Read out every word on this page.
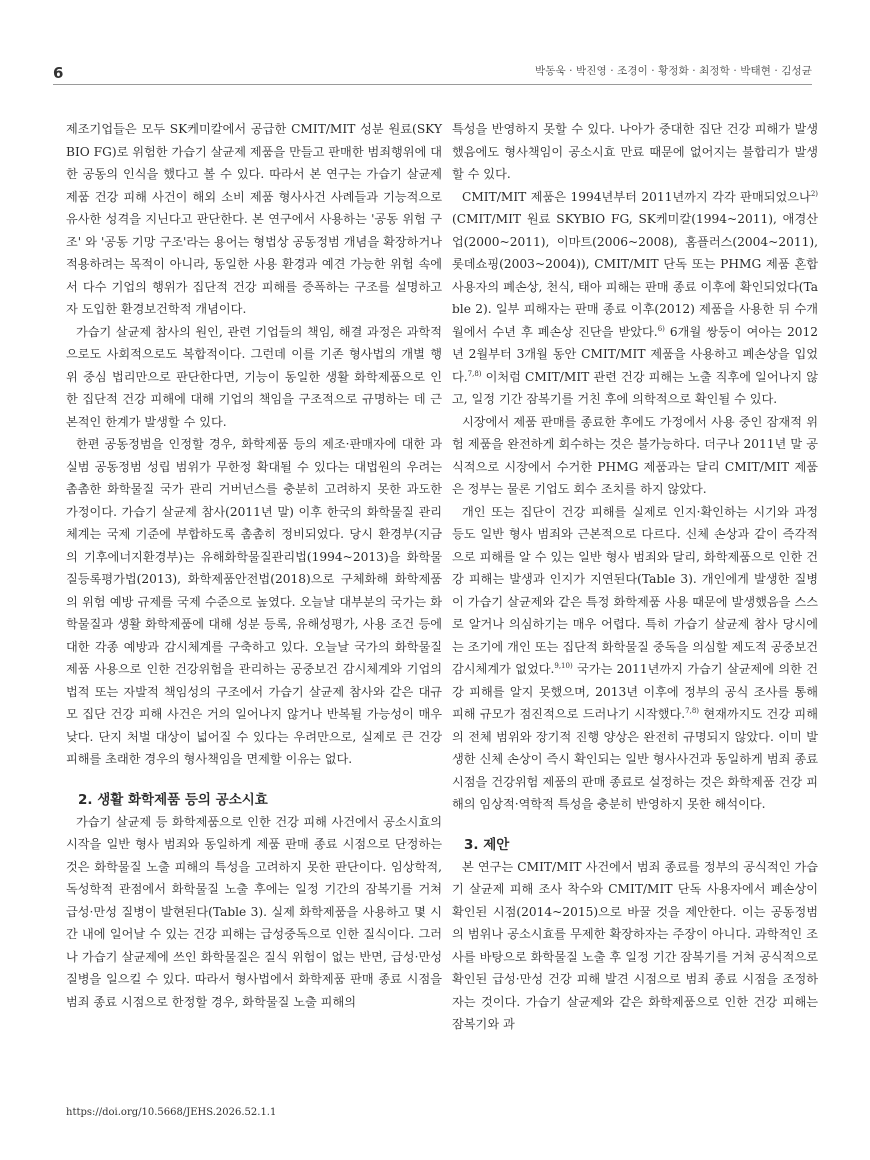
6	박동욱 · 박진영 · 조경이 · 황정화 · 최정학 · 박태현 · 김성균

제조기업들은 모두 SK케미칼에서 공급한 CMIT/MIT 성분 원료(SKYBIO FG)로 위험한 가습기 살균제 제품을 만들고 판매한 범죄행위에 대한 공동의 인식을 했다고 볼 수 있다. 따라서 본 연구는 가습기 살균제 제품 건강 피해 사건이 해외 소비 제품 형사사건 사례들과 기능적으로 유사한 성격을 지닌다고 판단한다. 본 연구에서 사용하는 '공동 위험 구조' 와 '공동 기망 구조'라는 용어는 형법상 공동정범 개념을 확장하거나 적용하려는 목적이 아니라, 동일한 사용 환경과 예견 가능한 위험 속에서 다수 기업의 행위가 집단적 건강 피해를 증폭하는 구조를 설명하고자 도입한 환경보건학적 개념이다.

가습기 살균제 참사의 원인, 관련 기업들의 책임, 해결 과정은 과학적으로도 사회적으로도 복합적이다. 그런데 이를 기존 형사법의 개별 행위 중심 법리만으로 판단한다면, 기능이 동일한 생활 화학제품으로 인한 집단적 건강 피해에 대해 기업의 책임을 구조적으로 규명하는 데 근본적인 한계가 발생할 수 있다.

한편 공동정범을 인정할 경우, 화학제품 등의 제조·판매자에 대한 과실범 공동정범 성립 범위가 무한정 확대될 수 있다는 대법원의 우려는 촘촘한 화학물질 국가 관리 거버넌스를 충분히 고려하지 못한 과도한 가정이다. 가습기 살균제 참사(2011년 말) 이후 한국의 화학물질 관리 체계는 국제 기준에 부합하도록 촘촘히 정비되었다. 당시 환경부(지금의 기후에너지환경부)는 유해화학물질관리법(1994~2013)을 화학물질등록평가법(2013), 화학제품안전법(2018)으로 구체화해 화학제품의 위험 예방 규제를 국제 수준으로 높였다. 오늘날 대부분의 국가는 화학물질과 생활 화학제품에 대해 성분 등록, 유해성평가, 사용 조건 등에 대한 각종 예방과 감시체계를 구축하고 있다. 오늘날 국가의 화학물질 제품 사용으로 인한 건강위험을 관리하는 공중보건 감시체계와 기업의 법적 또는 자발적 책임성의 구조에서 가습기 살균제 참사와 같은 대규모 집단 건강 피해 사건은 거의 일어나지 않거나 반복될 가능성이 매우 낮다. 단지 처벌 대상이 넓어질 수 있다는 우려만으로, 실제로 큰 건강 피해를 초래한 경우의 형사책임을 면제할 이유는 없다.

2. 생활 화학제품 등의 공소시효

가습기 살균제 등 화학제품으로 인한 건강 피해 사건에서 공소시효의 시작을 일반 형사 범죄와 동일하게 제품 판매 종료 시점으로 단정하는 것은 화학물질 노출 피해의 특성을 고려하지 못한 판단이다. 임상학적, 독성학적 관점에서 화학물질 노출 후에는 일정 기간의 잠복기를 거쳐 급성·만성 질병이 발현된다(Table 3). 실제 화학제품을 사용하고 몇 시간 내에 일어날 수 있는 건강 피해는 급성중독으로 인한 질식이다. 그러나 가습기 살균제에 쓰인 화학물질은 질식 위험이 없는 반면, 급성·만성 질병을 일으킬 수 있다. 따라서 형사법에서 화학제품 판매 종료 시점을 범죄 종료 시점으로 한정할 경우, 화학물질 노출 피해의

특성을 반영하지 못할 수 있다. 나아가 중대한 집단 건강 피해가 발생했음에도 형사책임이 공소시효 만료 때문에 없어지는 불합리가 발생할 수 있다.

CMIT/MIT 제품은 1994년부터 2011년까지 각각 판매되었으나$^{2)}$ (CMIT/MIT 원료 SKYBIO FG, SK케미칼(1994~2011), 애경산업(2000~2011), 이마트(2006~2008), 홈플러스(2004~2011), 롯데쇼핑(2003~2004)), CMIT/MIT 단독 또는 PHMG 제품 혼합 사용자의 폐손상, 천식, 태아 피해는 판매 종료 이후에 확인되었다(Table 2). 일부 피해자는 판매 종료 이후(2012) 제품을 사용한 뒤 수개월에서 수년 후 폐손상 진단을 받았다.$^{6)}$ 6개월 쌍둥이 여아는 2012년 2월부터 3개월 동안 CMIT/MIT 제품을 사용하고 폐손상을 입었다.$^{7,8)}$ 이처럼 CMIT/MIT 관련 건강 피해는 노출 직후에 일어나지 않고, 일정 기간 잠복기를 거친 후에 의학적으로 확인될 수 있다.

시장에서 제품 판매를 종료한 후에도 가정에서 사용 중인 잠재적 위험 제품을 완전하게 회수하는 것은 불가능하다. 더구나 2011년 말 공식적으로 시장에서 수거한 PHMG 제품과는 달리 CMIT/MIT 제품은 정부는 물론 기업도 회수 조치를 하지 않았다.

개인 또는 집단이 건강 피해를 실제로 인지·확인하는 시기와 과정 등도 일반 형사 범죄와 근본적으로 다르다. 신체 손상과 같이 즉각적으로 피해를 알 수 있는 일반 형사 범죄와 달리, 화학제품으로 인한 건강 피해는 발생과 인지가 지연된다(Table 3). 개인에게 발생한 질병이 가습기 살균제와 같은 특정 화학제품 사용 때문에 발생했음을 스스로 알거나 의심하기는 매우 어렵다. 특히 가습기 살균제 참사 당시에는 조기에 개인 또는 집단적 화학물질 중독을 의심할 제도적 공중보건 감시체계가 없었다.$^{9,10)}$ 국가는 2011년까지 가습기 살균제에 의한 건강 피해를 알지 못했으며, 2013년 이후에 정부의 공식 조사를 통해 피해 규모가 점진적으로 드러나기 시작했다.$^{7,8)}$ 현재까지도 건강 피해의 전체 범위와 장기적 진행 양상은 완전히 규명되지 않았다. 이미 발생한 신체 손상이 즉시 확인되는 일반 형사사건과 동일하게 범죄 종료 시점을 건강위험 제품의 판매 종료로 설정하는 것은 화학제품 건강 피해의 임상적·역학적 특성을 충분히 반영하지 못한 해석이다.

3. 제안

본 연구는 CMIT/MIT 사건에서 범죄 종료를 정부의 공식적인 가습기 살균제 피해 조사 착수와 CMIT/MIT 단독 사용자에서 폐손상이 확인된 시점(2014~2015)으로 바꿀 것을 제안한다. 이는 공동정범의 범위나 공소시효를 무제한 확장하자는 주장이 아니다. 과학적인 조사를 바탕으로 화학물질 노출 후 일정 기간 잠복기를 거쳐 공식적으로 확인된 급성·만성 건강 피해 발견 시점으로 범죄 종료 시점을 조정하자는 것이다. 가습기 살균제와 같은 화학제품으로 인한 건강 피해는 잠복기와 과

https://doi.org/10.5668/JEHS.2026.52.1.1
